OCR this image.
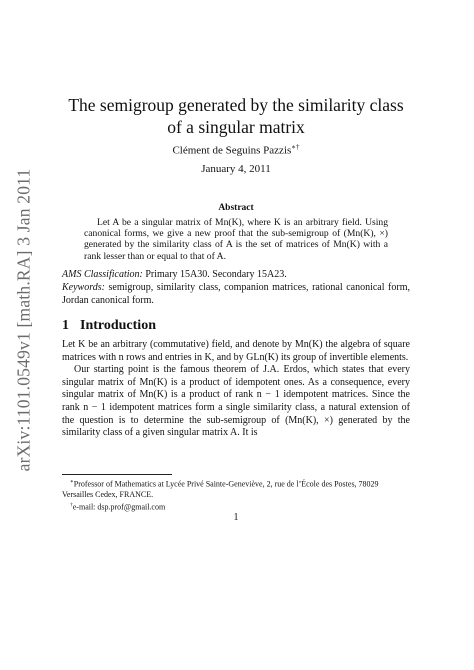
arXiv:1101.0549v1 [math.RA] 3 Jan 2011
The semigroup generated by the similarity class of a singular matrix
Clément de Seguins Pazzis∗†
January 4, 2011
Abstract
Let A be a singular matrix of Mn(K), where K is an arbitrary field. Using canonical forms, we give a new proof that the sub-semigroup of (Mn(K), ×) generated by the similarity class of A is the set of matrices of Mn(K) with a rank lesser than or equal to that of A.
AMS Classification: Primary 15A30. Secondary 15A23.
Keywords: semigroup, similarity class, companion matrices, rational canonical form, Jordan canonical form.
1 Introduction

Let K be an arbitrary (commutative) field, and denote by Mn(K) the algebra of square matrices with n rows and entries in K, and by GLn(K) its group of invertible elements.

Our starting point is the famous theorem of J.A. Erdos, which states that every singular matrix of Mn(K) is a product of idempotent ones. As a consequence, every singular matrix of Mn(K) is a product of rank n − 1 idempotent matrices. Since the rank n − 1 idempotent matrices form a single similarity class, a natural extension of the question is to determine the sub-semigroup of (Mn(K), ×) generated by the similarity class of a given singular matrix A. It is

∗Professor of Mathematics at Lycée Privé Sainte-Geneviève, 2, rue de l’École des Postes, 78029 Versailles Cedex, FRANCE.

†e-mail: dsp.prof@gmail.com

1
